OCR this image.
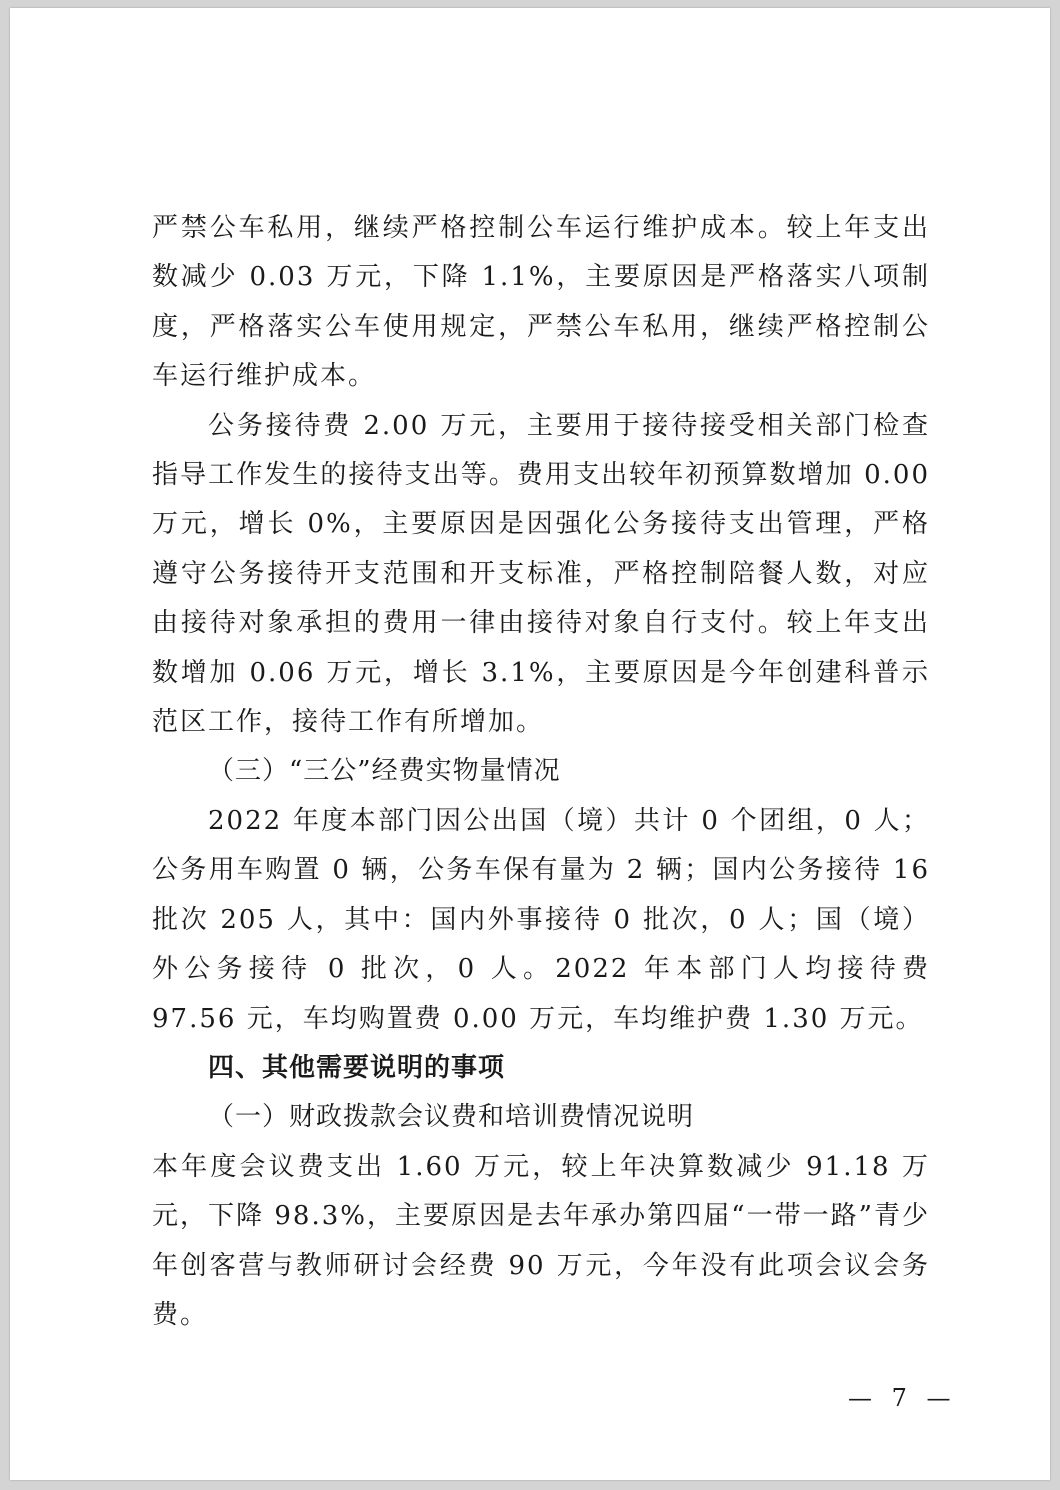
严禁公车私用，继续严格控制公车运行维护成本。较上年支出数减少 0.03 万元，下降 1.1%，主要原因是严格落实八项制度，严格落实公车使用规定，严禁公车私用，继续严格控制公车运行维护成本。

公务接待费 2.00 万元，主要用于接待接受相关部门检查指导工作发生的接待支出等。费用支出较年初预算数增加 0.00 万元，增长 0%，主要原因是因强化公务接待支出管理，严格遵守公务接待开支范围和开支标准，严格控制陪餐人数，对应由接待对象承担的费用一律由接待对象自行支付。较上年支出数增加 0.06 万元，增长 3.1%，主要原因是今年创建科普示范区工作，接待工作有所增加。

（三）“三公”经费实物量情况

2022 年度本部门因公出国（境）共计 0 个团组，0 人；公务用车购置 0 辆，公务车保有量为 2 辆；国内公务接待 16 批次 205 人，其中：国内外事接待 0 批次，0 人；国（境）外公务接待 0 批次，0 人。2022 年本部门人均接待费 97.56 元，车均购置费 0.00 万元，车均维护费 1.30 万元。

四、其他需要说明的事项

（一）财政拨款会议费和培训费情况说明

本年度会议费支出 1.60 万元，较上年决算数减少 91.18 万元，下降 98.3%，主要原因是去年承办第四届“一带一路”青少年创客营与教师研讨会经费 90 万元，今年没有此项会议会务费。

— 7 —
